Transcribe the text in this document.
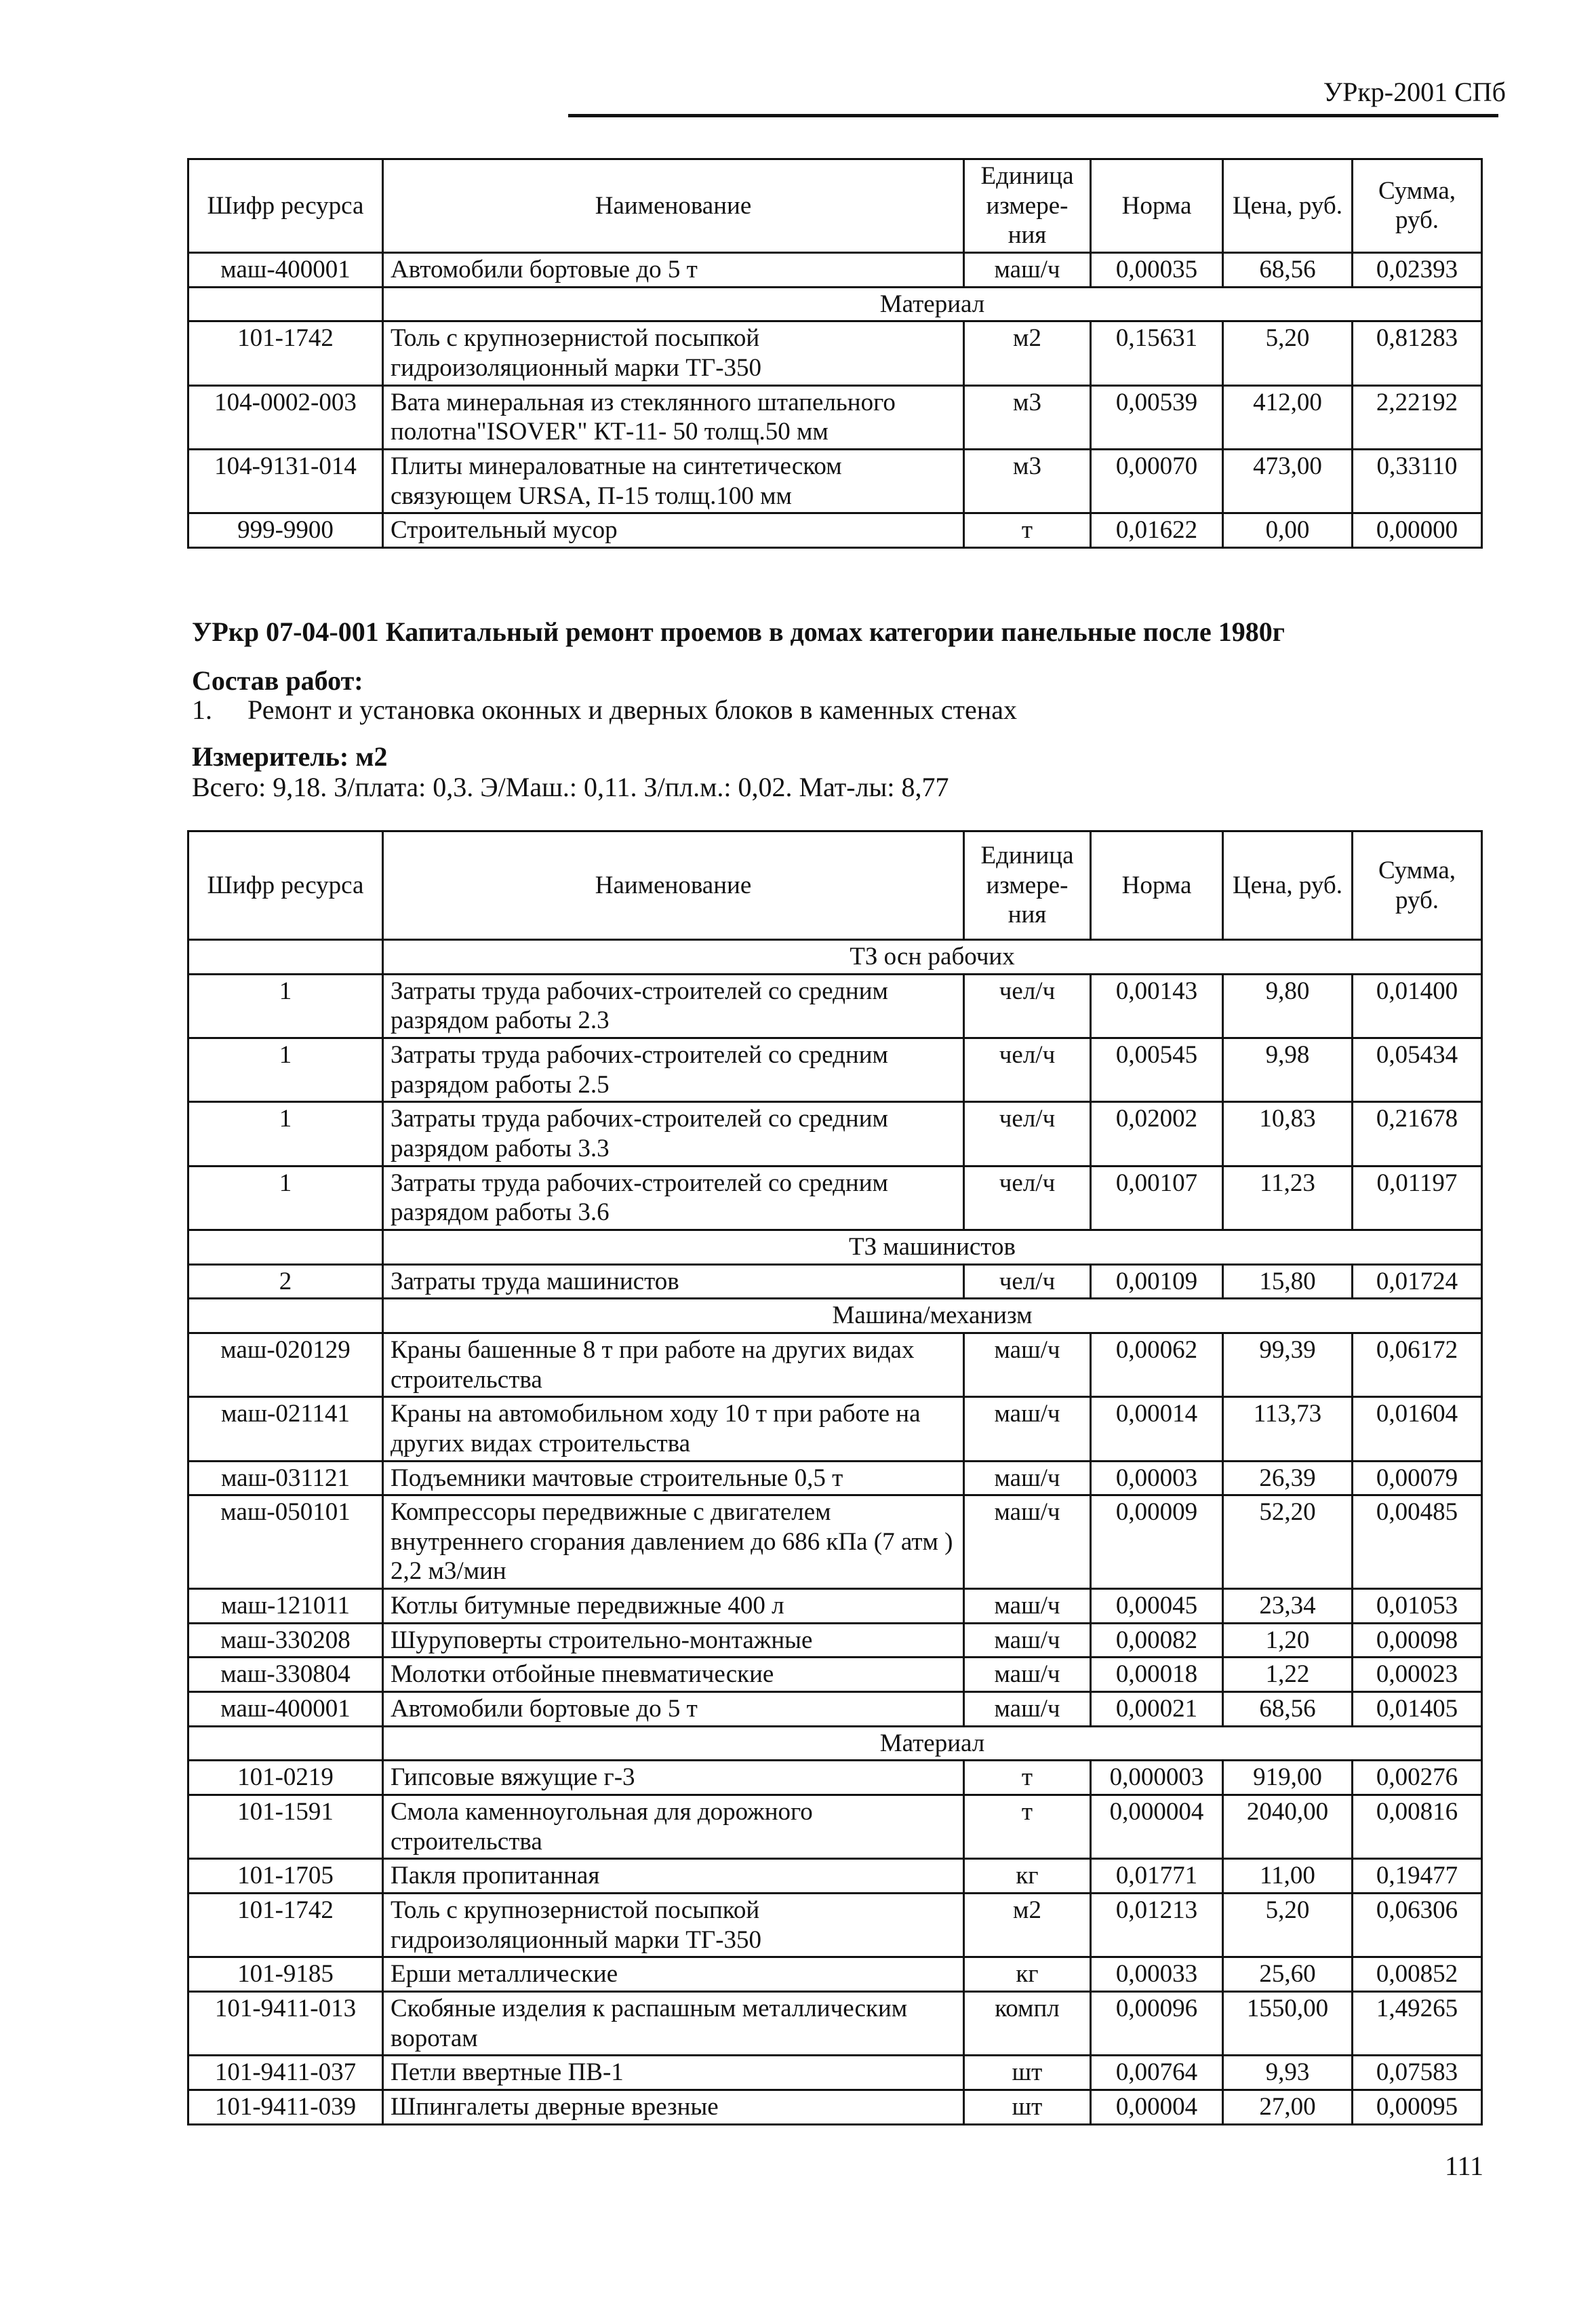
УРкр-2001 СПб
Шифр ресурса	Наименование	Единица измере-ния	Норма	Цена, руб.	Сумма, руб.
маш-400001	Автомобили бортовые до 5 т	маш/ч	0,00035	68,56	0,02393
	Материал				
101-1742	Толь с крупнозернистой посыпкой гидроизоляционный марки ТГ-350	м2	0,15631	5,20	0,81283
104-0002-003	Вата минеральная из стеклянного штапельного полотна"ISOVER" КТ-11- 50 толщ.50 мм	м3	0,00539	412,00	2,22192
104-9131-014	Плиты минераловатные на синтетическом связующем URSA, П-15 толщ.100 мм	м3	0,00070	473,00	0,33110
999-9900	Строительный мусор	т	0,01622	0,00	0,00000
УРкр 07-04-001 Капитальный ремонт проемов в домах категории панельные после 1980г
Состав работ:
1. Ремонт и установка оконных и дверных блоков в каменных стенах
Измеритель: м2
Всего: 9,18. З/плата: 0,3. Э/Маш.: 0,11. З/пл.м.: 0,02. Мат-лы: 8,77
Шифр ресурса	Наименование	Единица измере-ния	Норма	Цена, руб.	Сумма, руб.
	ТЗ осн рабочих				
1	Затраты труда рабочих-строителей со средним разрядом работы 2.3	чел/ч	0,00143	9,80	0,01400
1	Затраты труда рабочих-строителей со средним разрядом работы 2.5	чел/ч	0,00545	9,98	0,05434
1	Затраты труда рабочих-строителей со средним разрядом работы 3.3	чел/ч	0,02002	10,83	0,21678
1	Затраты труда рабочих-строителей со средним разрядом работы 3.6	чел/ч	0,00107	11,23	0,01197
	ТЗ машинистов				
2	Затраты труда машинистов	чел/ч	0,00109	15,80	0,01724
	Машина/механизм				
маш-020129	Краны башенные 8 т при работе на других видах строительства	маш/ч	0,00062	99,39	0,06172
маш-021141	Краны на автомобильном ходу 10 т при работе на других видах строительства	маш/ч	0,00014	113,73	0,01604
маш-031121	Подъемники мачтовые строительные 0,5 т	маш/ч	0,00003	26,39	0,00079
маш-050101	Компрессоры передвижные с двигателем внутреннего сгорания давлением до 686 кПа (7 атм ) 2,2 м3/мин	маш/ч	0,00009	52,20	0,00485
маш-121011	Котлы битумные передвижные 400 л	маш/ч	0,00045	23,34	0,01053
маш-330208	Шуруповерты строительно-монтажные	маш/ч	0,00082	1,20	0,00098
маш-330804	Молотки отбойные пневматические	маш/ч	0,00018	1,22	0,00023
маш-400001	Автомобили бортовые до 5 т	маш/ч	0,00021	68,56	0,01405
	Материал				
101-0219	Гипсовые вяжущие г-3	т	0,000003	919,00	0,00276
101-1591	Смола каменноугольная для дорожного строительства	т	0,000004	2040,00	0,00816
101-1705	Пакля пропитанная	кг	0,01771	11,00	0,19477
101-1742	Толь с крупнозернистой посыпкой гидроизоляционный марки ТГ-350	м2	0,01213	5,20	0,06306
101-9185	Ерши металлические	кг	0,00033	25,60	0,00852
101-9411-013	Скобяные изделия к распашным металлическим воротам	компл	0,00096	1550,00	1,49265
101-9411-037	Петли ввертные ПВ-1	шт	0,00764	9,93	0,07583
101-9411-039	Шпингалеты дверные врезные	шт	0,00004	27,00	0,00095
111
